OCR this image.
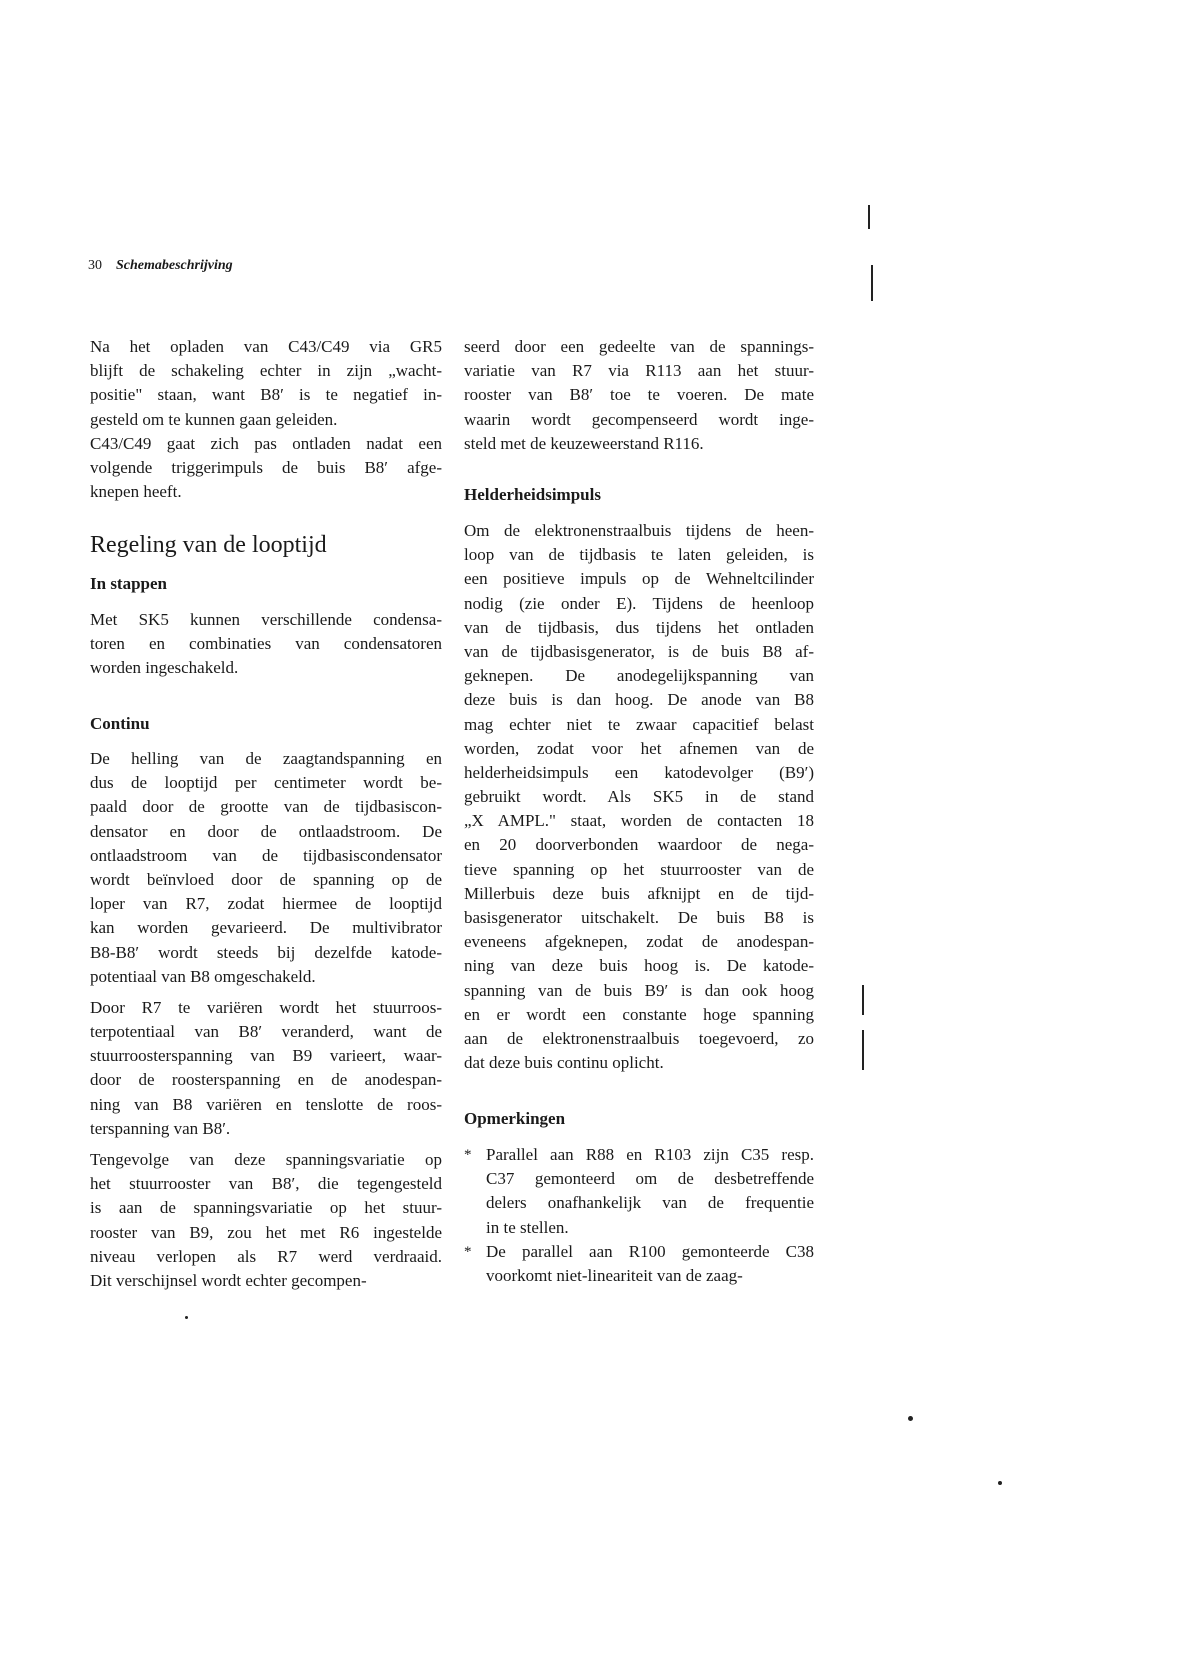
30 Schemabeschrijving
Na het opladen van C43/C49 via GR5
blijft de schakeling echter in zijn „wacht-
positie" staan, want B8′ is te negatief in-
gesteld om te kunnen gaan geleiden.
C43/C49 gaat zich pas ontladen nadat een
volgende triggerimpuls de buis B8′ afge-
knepen heeft.
Regeling van de looptijd
In stappen
Met SK5 kunnen verschillende condensa-
toren en combinaties van condensatoren
worden ingeschakeld.
Continu
De helling van de zaagtandspanning en
dus de looptijd per centimeter wordt be-
paald door de grootte van de tijdbasiscon-
densator en door de ontlaadstroom. De
ontlaadstroom van de tijdbasiscondensator
wordt beïnvloed door de spanning op de
loper van R7, zodat hiermee de looptijd
kan worden gevarieerd. De multivibrator
B8-B8′ wordt steeds bij dezelfde katode-
potentiaal van B8 omgeschakeld.
Door R7 te variëren wordt het stuurroos-
terpotentiaal van B8′ veranderd, want de
stuurroosterspanning van B9 varieert, waar-
door de roosterspanning en de anodespan-
ning van B8 variëren en tenslotte de roos-
terspanning van B8′.
Tengevolge van deze spanningsvariatie op
het stuurrooster van B8′, die tegengesteld
is aan de spanningsvariatie op het stuur-
rooster van B9, zou het met R6 ingestelde
niveau verlopen als R7 werd verdraaid.
Dit verschijnsel wordt echter gecompen-
seerd door een gedeelte van de spannings-
variatie van R7 via R113 aan het stuur-
rooster van B8′ toe te voeren. De mate
waarin wordt gecompenseerd wordt inge-
steld met de keuzeweerstand R116.
Helderheidsimpuls
Om de elektronenstraalbuis tijdens de heen-
loop van de tijdbasis te laten geleiden, is
een positieve impuls op de Wehneltcilinder
nodig (zie onder E). Tijdens de heenloop
van de tijdbasis, dus tijdens het ontladen
van de tijdbasisgenerator, is de buis B8 af-
geknepen. De anodegelijkspanning van
deze buis is dan hoog. De anode van B8
mag echter niet te zwaar capacitief belast
worden, zodat voor het afnemen van de
helderheidsimpuls een katodevolger (B9′)
gebruikt wordt. Als SK5 in de stand
„X AMPL." staat, worden de contacten 18
en 20 doorverbonden waardoor de nega-
tieve spanning op het stuurrooster van de
Millerbuis deze buis afknijpt en de tijd-
basisgenerator uitschakelt. De buis B8 is
eveneens afgeknepen, zodat de anodespan-
ning van deze buis hoog is. De katode-
spanning van de buis B9′ is dan ook hoog
en er wordt een constante hoge spanning
aan de elektronenstraalbuis toegevoerd, zo
dat deze buis continu oplicht.
Opmerkingen
* Parallel aan R88 en R103 zijn C35 resp.
C37 gemonteerd om de desbetreffende
delers onafhankelijk van de frequentie
in te stellen.
* De parallel aan R100 gemonteerde C38
voorkomt niet-lineariteit van de zaag-
